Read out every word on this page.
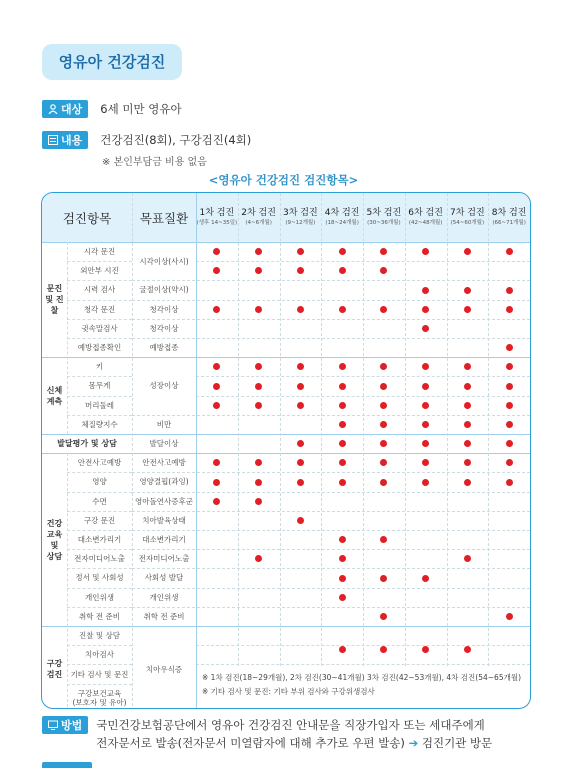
영유아 건강검진
대상 6세 미만 영유아
내용 건강검진(8회), 구강검진(4회)
※ 본인부담금 비용 없음
<영유아 건강검진 검진항목>
검진항목	목표질환	1차 검진
(생후 14~35일)
2차 검진
(4~6개월)
3차 검진
(9~12개월)
4차 검진
(18~24개월)
5차 검진
(30~36개월)
6차 검진
(42~48개월)
7차 검진
(54~60개월)
8차 검진
(66~71개월)
문진
및 진찰
신체
계측
발달평가 및 상담
건강
교육 및
상담
시각 문진
외안부 시진
시력 검사
청각 문진
귓속말검사
예방접종확인
키
몸무게
머리둘레
체질량지수
안전사고예방
영양
수면
구강 문진
대소변가리기
전자미디어노출
정서 및 사회성
개인위생
취학 전 준비
시각이상(사시)
굴절이상(약시)
청각이상
청각이상
예방접종
성장이상
비만
발달이상
안전사고예방
영양결핍(과잉)
영아돌연사증후군
치아발육상태
대소변가리기
전자미디어노출
사회성 발달
개인위생
취학 전 준비
진찰 및 상담
치아검사
기타 검사 및 문진
구강보건교육
(보호자 및 유아)
구강
검진
치아우식증
※ 1차 검진(18~29개월), 2차 검진(30~41개월) 3차 검진(42~53개월), 4차 검진(54~65개월)
※ 기타 검사 및 문진: 기타 부위 검사와 구강위생검사
방법 국민건강보험공단에서 영유아 건강검진 안내문을 직장가입자 또는 세대주에게
전자문서로 발송(전자문서 미열람자에 대해 추가로 우편 발송) ➔ 검진기관 방문
